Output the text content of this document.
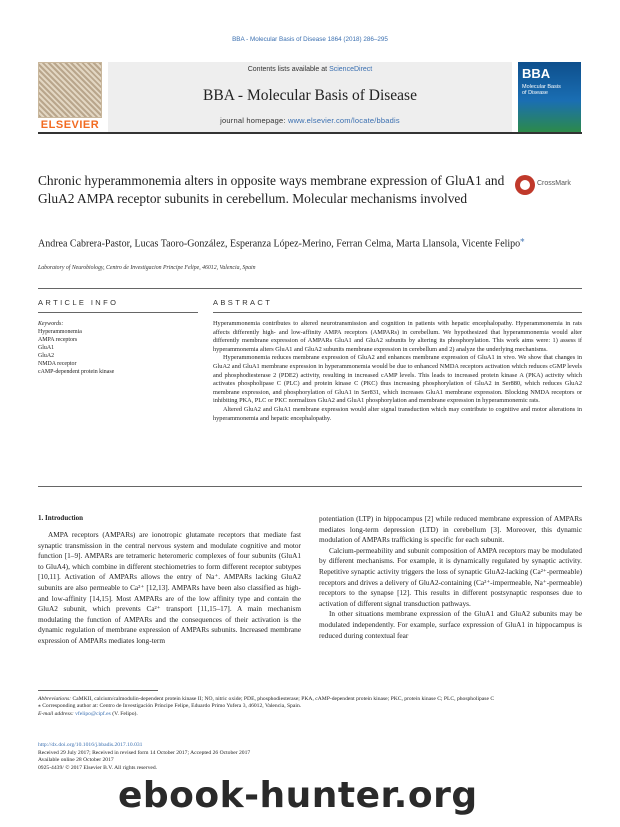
BBA - Molecular Basis of Disease 1864 (2018) 286–295
ELSEVIER
Contents lists available at ScienceDirect
BBA - Molecular Basis of Disease
journal homepage: www.elsevier.com/locate/bbadis
BBA
Molecular Basis of Disease
Chronic hyperammonemia alters in opposite ways membrane expression of GluA1 and GluA2 AMPA receptor subunits in cerebellum. Molecular mechanisms involved
CrossMark
Andrea Cabrera-Pastor, Lucas Taoro-González, Esperanza López-Merino, Ferran Celma, Marta Llansola, Vicente Felipo⁎
Laboratory of Neurobiology, Centro de Investigacion Principe Felipe, 46012, Valencia, Spain
ARTICLE INFO	ABSTRACT
Keywords:
Hyperammonemia
AMPA receptors
GluA1
GluA2
NMDA receptor
cAMP-dependent protein kinase

Hyperammonemia contributes to altered neurotransmission and cognition in patients with hepatic encephalopathy. Hyperammonemia in rats affects differently high- and low-affinity AMPA receptors (AMPARs) in cerebellum. We hypothesized that hyperammonemia would alter differently membrane expression of AMPARs GluA1 and GluA2 subunits by altering its phosphorylation. This work aims were: 1) assess if hyperammonemia alters GluA1 and GluA2 subunits membrane expression in cerebellum and 2) analyze the underlying mechanisms.

Hyperammonemia reduces membrane expression of GluA2 and enhances membrane expression of GluA1 in vivo. We show that changes in GluA2 and GluA1 membrane expression in hyperammonemia would be due to enhanced NMDA receptors activation which reduces cGMP levels and phosphodiesterase 2 (PDE2) activity, resulting in increased cAMP levels. This leads to increased protein kinase A (PKA) activity which activates phospholipase C (PLC) and protein kinase C (PKC) thus increasing phosphorylation of GluA2 in Ser880, which reduces GluA2 membrane expression, and phosphorylation of GluA1 in Ser831, which increases GluA1 membrane expression. Blocking NMDA receptors or inhibiting PKA, PLC or PKC normalizes GluA2 and GluA1 phosphorylation and membrane expression in hyperammonemic rats.

Altered GluA2 and GluA1 membrane expression would alter signal transduction which may contribute to cognitive and motor alterations in hyperammonemia and hepatic encephalopathy.

1. Introduction

AMPA receptors (AMPARs) are ionotropic glutamate receptors that mediate fast synaptic transmission in the central nervous system and modulate cognitive and motor function [1–9]. AMPARs are tetrameric heteromeric complexes of four subunits (GluA1 to GluA4), which combine in different stechiometries to form different receptor subtypes [10,11]. Activation of AMPARs allows the entry of Na⁺. AMPARs lacking GluA2 subunits are also permeable to Ca²⁺ [12,13]. AMPARs have been also classified as high- and low-affinity [14,15]. Most AMPARs are of the low affinity type and contain the GluA2 subunit, which prevents Ca²⁺ transport [11,15–17]. A main mechanism modulating the function of AMPARs and the consequences of their activation is the dynamic regulation of membrane expression of AMPARs subunits. Increased membrane expression of AMPARs mediates long-term

potentiation (LTP) in hippocampus [2] while reduced membrane expression of AMPARs mediates long-term depression (LTD) in cerebellum [3]. Moreover, this dynamic modulation of AMPARs trafficking is specific for each subunit.

Calcium-permeability and subunit composition of AMPA receptors may be modulated by different mechanisms. For example, it is dynamically regulated by synaptic activity. Repetitive synaptic activity triggers the loss of synaptic GluA2-lacking (Ca²⁺-permeable) receptors and drives a delivery of GluA2-containing (Ca²⁺-impermeable, Na⁺-permeable) receptors to the synapse [12]. This results in different postsynaptic responses due to activation of different signal transduction pathways.

In other situations membrane expression of the GluA1 and GluA2 subunits may be modulated independently. For example, surface expression of GluA1 in hippocampus is reduced during contextual fear

Abbreviations: CaMKII, calcium/calmodulin-dependent protein kinase II; NO, nitric oxide; PDE, phosphodiesterase; PKA, cAMP-dependent protein kinase; PKC, protein kinase C; PLC, phospholipase C
⁎ Corresponding author at: Centro de Investigación Príncipe Felipe, Eduardo Primo Yufera 3, 46012, Valencia, Spain.
E-mail address: vfelipo@cipf.es (V. Felipo).
http://dx.doi.org/10.1016/j.bbadis.2017.10.031
Received 29 July 2017; Received in revised form 14 October 2017; Accepted 26 October 2017
Available online 28 October 2017
0925-4439/ © 2017 Elsevier B.V. All rights reserved.
ebook-hunter.org
